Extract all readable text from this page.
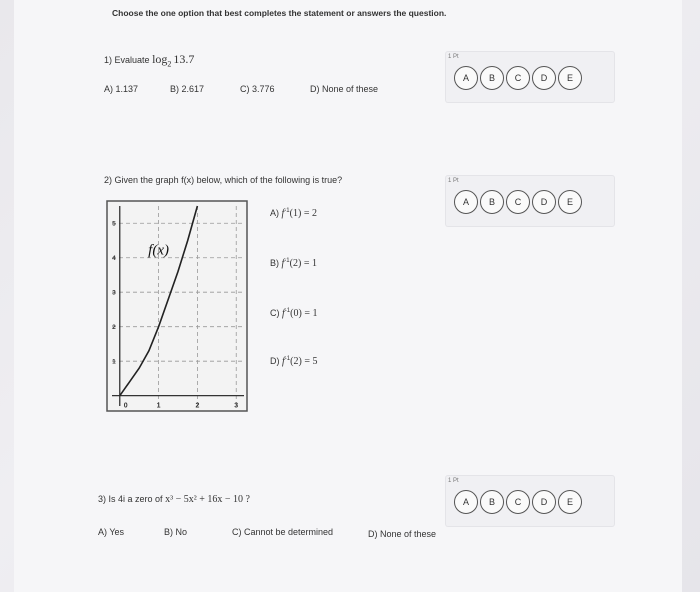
Choose the one option that best completes the statement or answers the question.
1) Evaluate $\log_2 13.7$
A) 1.137	B) 2.617	C) 3.776	D) None of these
1 Pt
A	B	C	D	E
2) Given the graph f(x) below, which of the following is true?
0	1	2	3
1
2
3
4
5
f(x)
A) $f^{-1}(1) = 2$
B) $f^{-1}(2) = 1$
C) $f^{-1}(0) = 1$
D) $f^{-1}(2) = 5$
1 Pt
A	B	C	D	E
3) Is 4i a zero of x³ − 5x² + 16x − 10 ?
A) Yes	B) No	C) Cannot be determined	D) None of these
1 Pt
A	B	C	D	E
